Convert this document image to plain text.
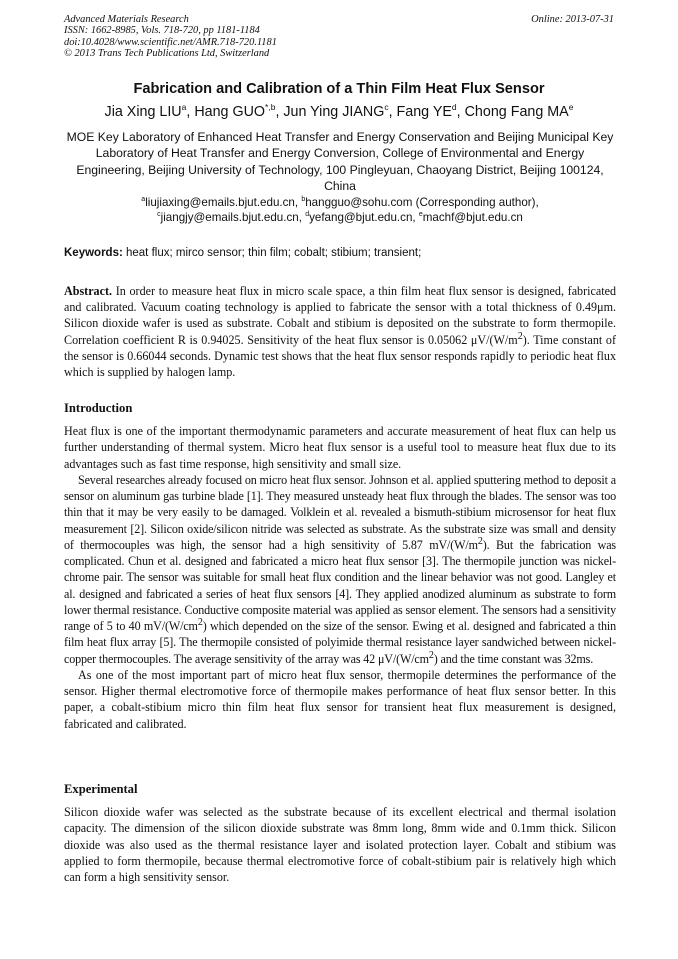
Advanced Materials Research
ISSN: 1662-8985, Vols. 718-720, pp 1181-1184
doi:10.4028/www.scientific.net/AMR.718-720.1181
© 2013 Trans Tech Publications Ltd, Switzerland
Online: 2013-07-31
Fabrication and Calibration of a Thin Film Heat Flux Sensor
Jia Xing LIU$^a$, Hang $GUO^{*,b}$, Jun Ying JIANG$^c$, Fang $YE^d$, Chong Fang $MA^e$
MOE Key Laboratory of Enhanced Heat Transfer and Energy Conservation and Beijing Municipal Key Laboratory of Heat Transfer and Energy Conversion, College of Environmental and Energy Engineering, Beijing University of Technology, 100 Pingleyuan, Chaoyang District, Beijing 100124, China
$^a$liujiaxing@emails.bjut.edu.cn, $^b$hangguo@sohu.com (Corresponding author),
$^c$jiangjy@emails.bjut.edu.cn, $^d$yefang@bjut.edu.cn, $^e$machf@bjut.edu.cn
Keywords: heat flux; mirco sensor; thin film; cobalt; stibium; transient;
Abstract. In order to measure heat flux in micro scale space, a thin film heat flux sensor is designed, fabricated and calibrated. Vacuum coating technology is applied to fabricate the sensor with a total thickness of 0.49μm. Silicon dioxide wafer is used as substrate. Cobalt and stibium is deposited on the substrate to form thermopile. Correlation coefficient R is 0.94025. Sensitivity of the heat flux sensor is 0.05062 $\mu V/(W/m^2)$. Time constant of the sensor is 0.66044 seconds. Dynamic test shows that the heat flux sensor responds rapidly to periodic heat flux which is supplied by halogen lamp.
Introduction

Heat flux is one of the important thermodynamic parameters and accurate measurement of heat flux can help us further understanding of thermal system. Micro heat flux sensor is a useful tool to measure heat flux due to its advantages such as fast time response, high sensitivity and small size.

Several researches already focused on micro heat flux sensor. Johnson et al. applied sputtering method to deposit a sensor on aluminum gas turbine blade [1]. They measured unsteady heat flux through the blades. The sensor was too thin that it may be very easily to be damaged. Volklein et al. revealed a bismuth-stibium microsensor for heat flux measurement [2]. Silicon oxide/silicon nitride was selected as substrate. As the substrate size was small and density of thermocouples was high, the sensor had a high sensitivity of 5.87 $mV/(W/m^2)$. But the fabrication was complicated. Chun et al. designed and fabricated a micro heat flux sensor [3]. The thermopile junction was nickel-chrome pair. The sensor was suitable for small heat flux condition and the linear behavior was not good. Langley et al. designed and fabricated a series of heat flux sensors [4]. They applied anodized aluminum as substrate to form lower thermal resistance. Conductive composite material was applied as sensor element. The sensors had a sensitivity range of 5 to 40 $mV/(W/cm^2)$ which depended on the size of the sensor. Ewing et al. designed and fabricated a thin film heat flux array [5]. The thermopile consisted of polyimide thermal resistance layer sandwiched between nickel-copper thermocouples. The average sensitivity of the array was 42 $\mu V/(W/cm^2)$ and the time constant was 32ms.

As one of the most important part of micro heat flux sensor, thermopile determines the performance of the sensor. Higher thermal electromotive force of thermopile makes performance of heat flux sensor better. In this paper, a cobalt-stibium micro thin film heat flux sensor for transient heat flux measurement is designed, fabricated and calibrated.

Experimental

Silicon dioxide wafer was selected as the substrate because of its excellent electrical and thermal isolation capacity. The dimension of the silicon dioxide substrate was 8mm long, 8mm wide and 0.1mm thick. Silicon dioxide was also used as the thermal resistance layer and isolated protection layer. Cobalt and stibium was applied to form thermopile, because thermal electromotive force of cobalt-stibium pair is relatively high which can form a high sensitivity sensor.
